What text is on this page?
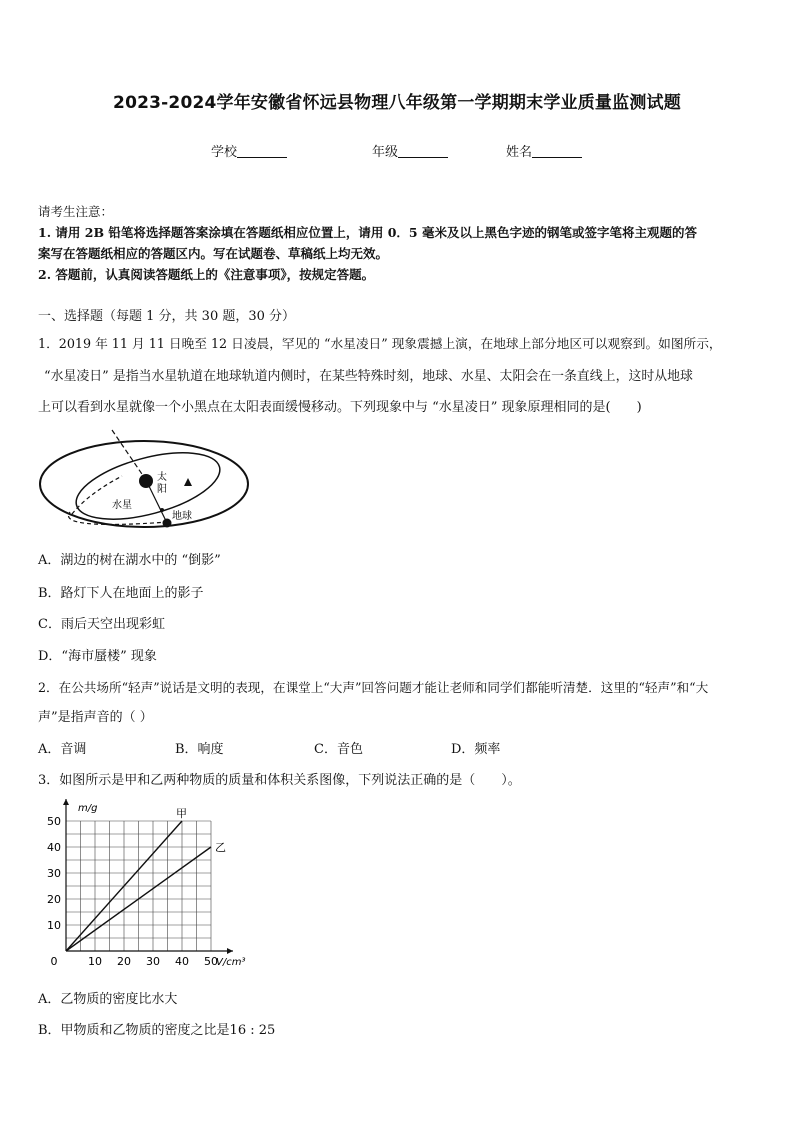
2023-2024学年安徽省怀远县物理八年级第一学期期末学业质量监测试题
学校	年级	姓名
请考生注意：
1. 请用 2B 铅笔将选择题答案涂填在答题纸相应位置上，请用 0．5 毫米及以上黑色字迹的钢笔或签字笔将主观题的答
案写在答题纸相应的答题区内。写在试题卷、草稿纸上均无效。
2. 答题前，认真阅读答题纸上的《注意事项》，按规定答题。
一、选择题（每题 1 分，共 30 题，30 分）
1．2019 年 11 月 11 日晚至 12 日凌晨，罕见的 “水星凌日” 现象震撼上演，在地球上部分地区可以观察到。如图所示，
“水星凌日” 是指当水星轨道在地球轨道内侧时，在某些特殊时刻，地球、水星、太阳会在一条直线上，这时从地球
上可以看到水星就像一个小黑点在太阳表面缓慢移动。下列现象中与 “水星凌日” 现象原理相同的是(　　)
太
阳
水星
地球
A．湖边的树在湖水中的 “倒影”
B．路灯下人在地面上的影子
C．雨后天空出现彩虹
D．“海市蜃楼” 现象
2．在公共场所“轻声”说话是文明的表现，在课堂上“大声”回答问题才能让老师和同学们都能听清楚．这里的“轻声”和“大
声”是指声音的（ ）
A．音调	B．响度	C．音色	D．频率
3．如图所示是甲和乙两种物质的质量和体积关系图像，下列说法正确的是（　　）。
0	10 20 30 40 50
10
20
30
40
50
m/g
V/cm³
甲
乙
A．乙物质的密度比水大
B．甲物质和乙物质的密度之比是16 : 25
